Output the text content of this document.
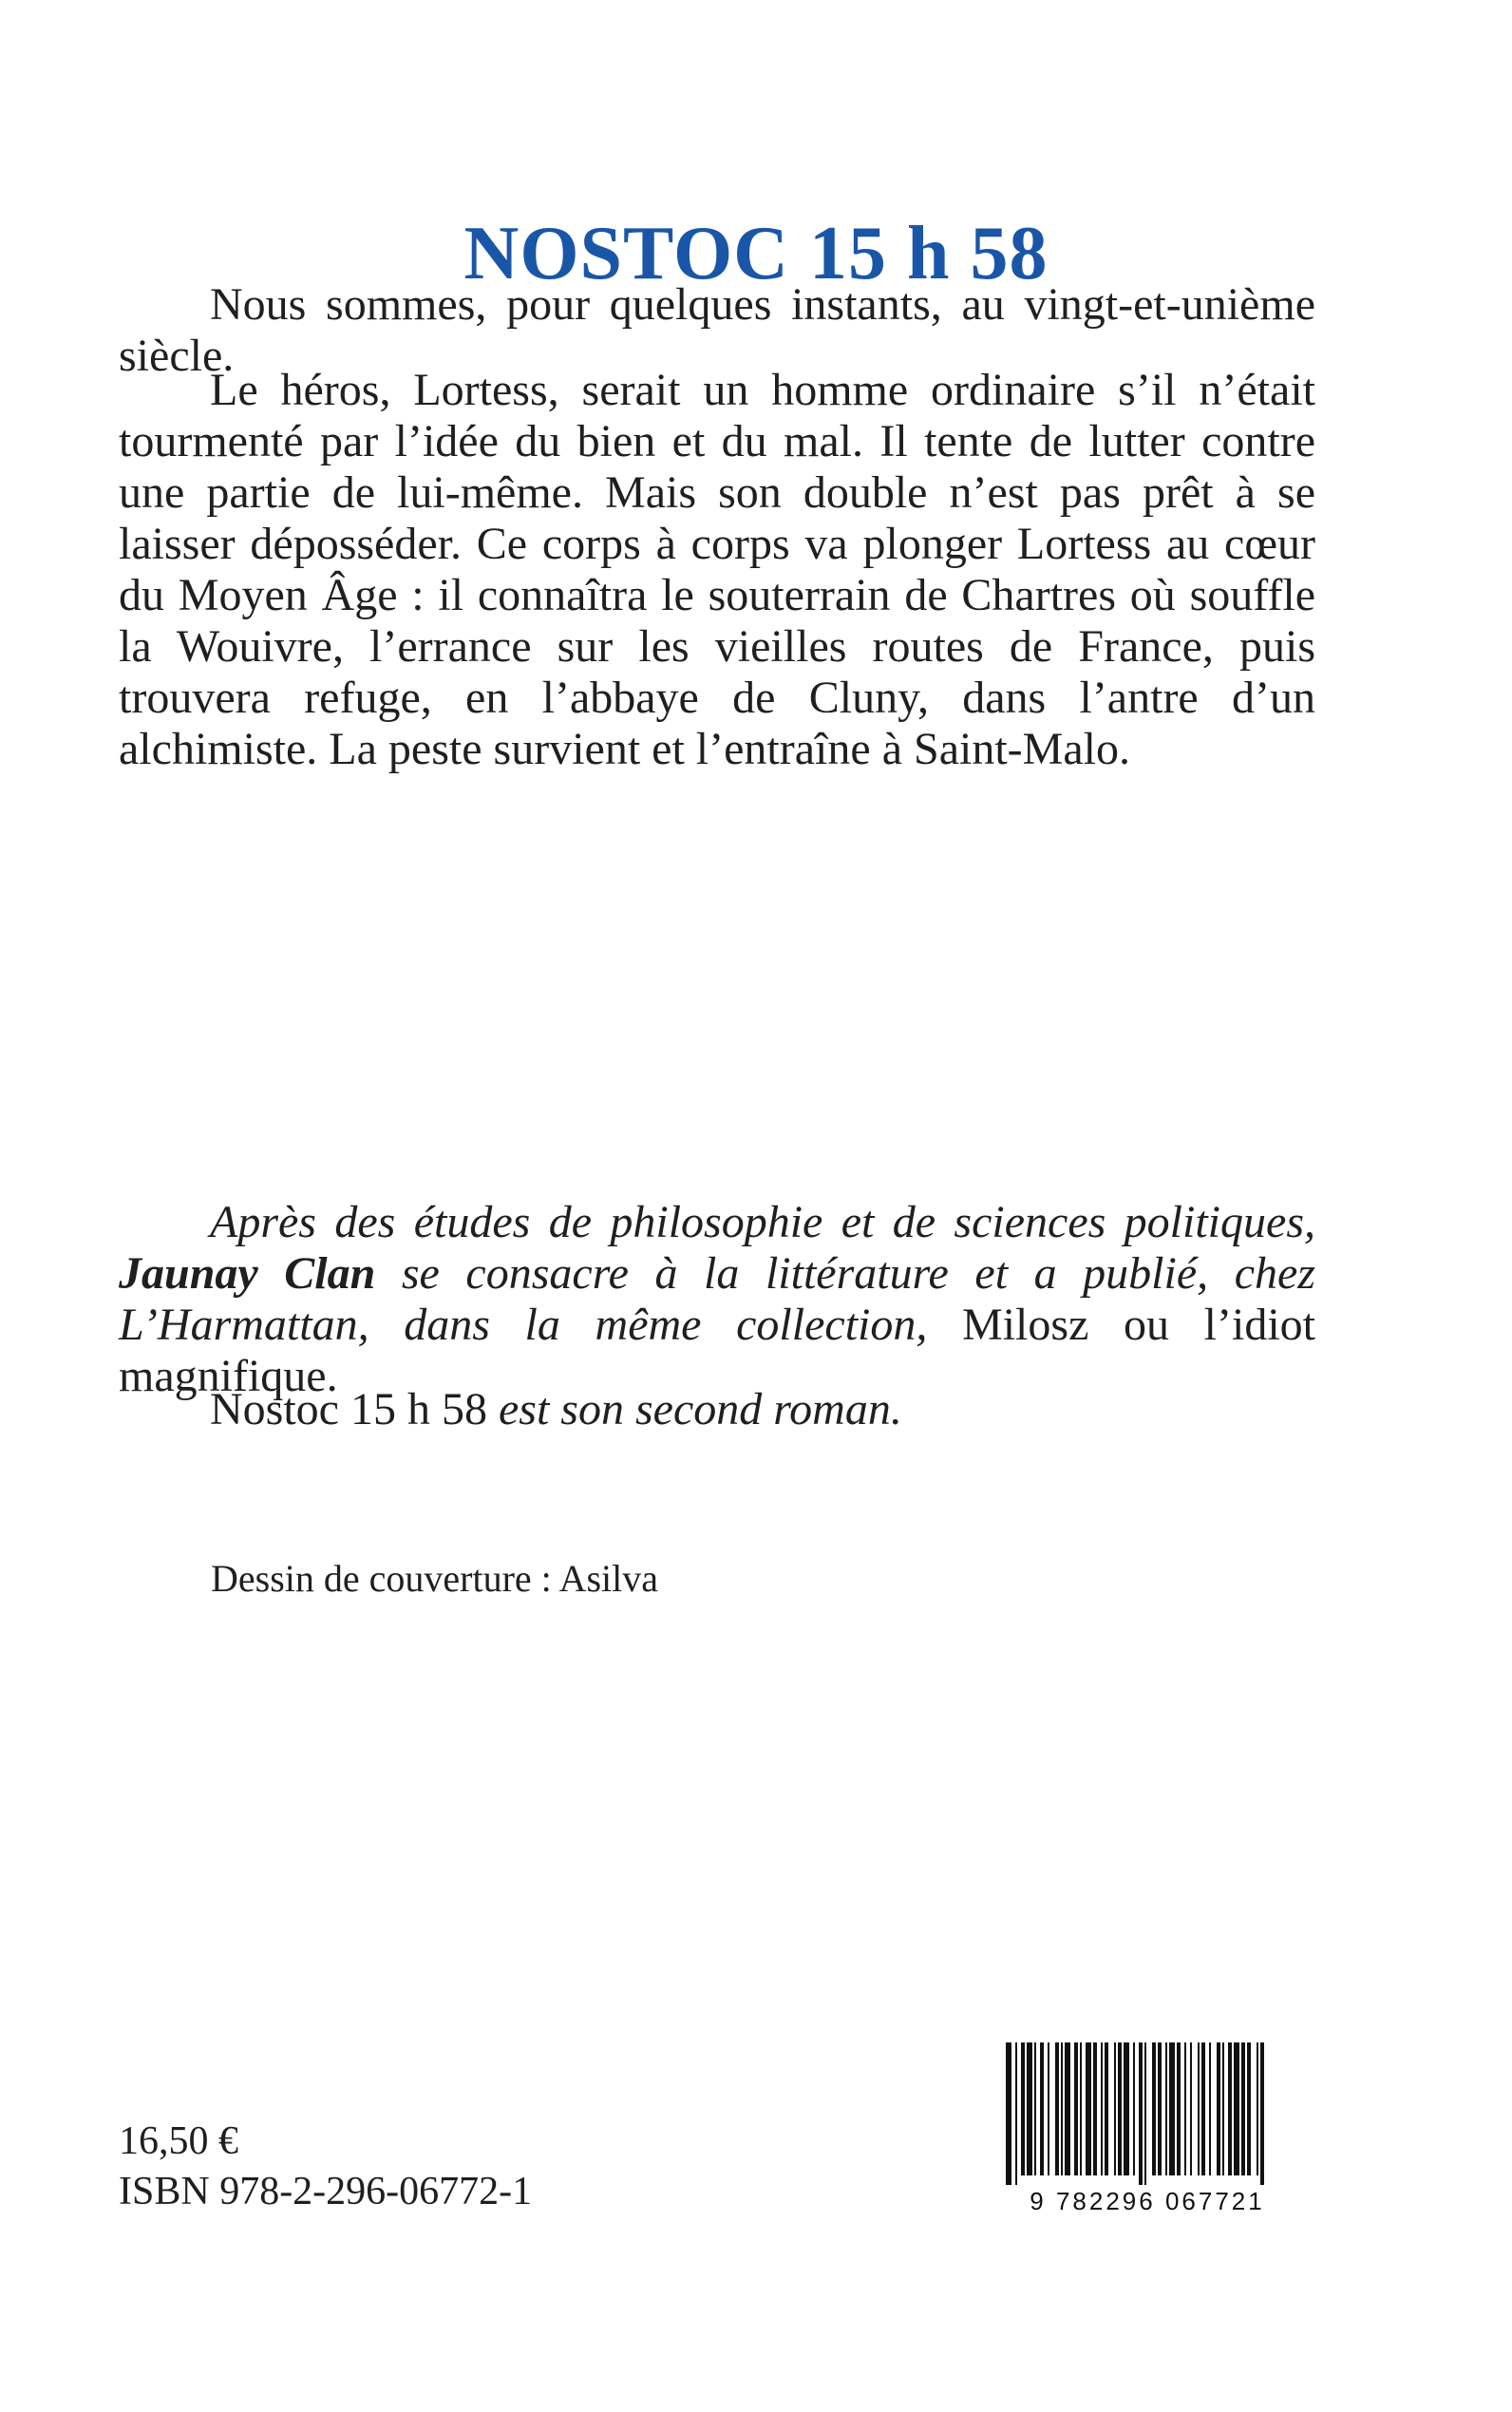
NOSTOC 15 h 58

Nous sommes, pour quelques instants, au vingt-et-unième siècle.

Le héros, Lortess, serait un homme ordinaire s’il n’était tourmenté par l’idée du bien et du mal. Il tente de lutter contre une partie de lui-même. Mais son double n’est pas prêt à se laisser déposséder. Ce corps à corps va plonger Lortess au cœur du Moyen Âge : il connaîtra le souterrain de Chartres où souffle la Wouivre, l’errance sur les vieilles routes de France, puis trouvera refuge, en l’abbaye de Cluny, dans l’antre d’un alchimiste. La peste survient et l’entraîne à Saint-Malo.

Après des études de philosophie et de sciences politiques, Jaunay Clan se consacre à la littérature et a publié, chez L’Harmattan, dans la même collection, Milosz ou l’idiot magnifique.

Nostoc 15 h 58 est son second roman.

Dessin de couverture : Asilva

16,50 €

ISBN 978-2-296-06772-1	9 782296 067721
